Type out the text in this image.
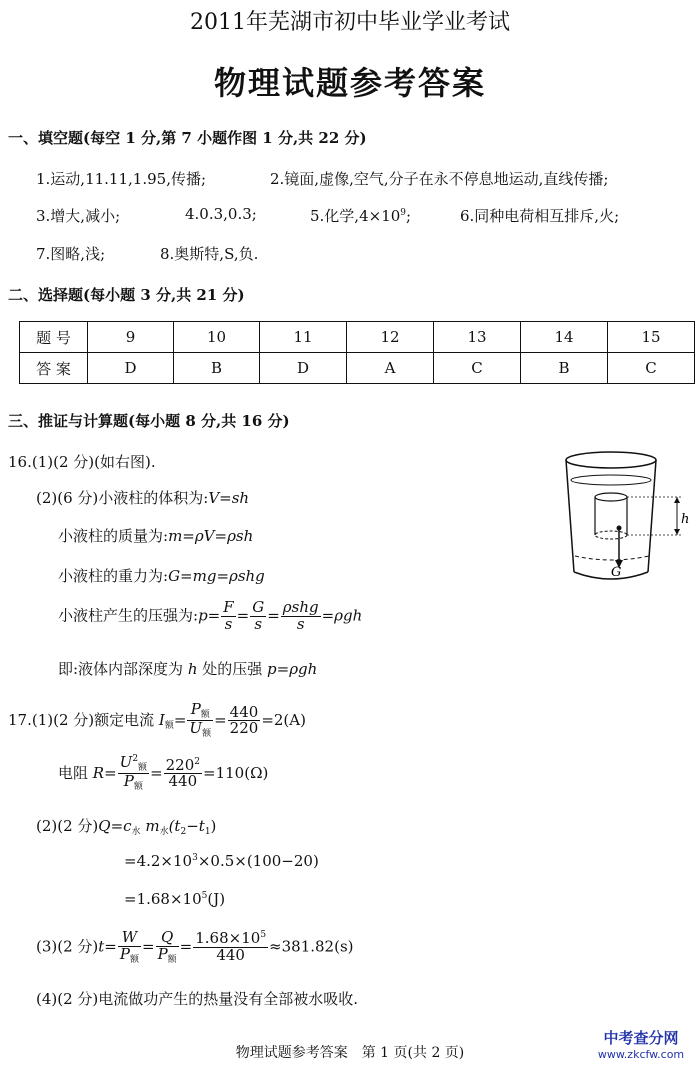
2011年芜湖市初中毕业学业考试
物理试题参考答案
一、填空题(每空 1 分,第 7 小题作图 1 分,共 22 分)
1.运动,11.11,1.95,传播;	2.镜面,虚像,空气,分子在永不停息地运动,直线传播;
3.增大,减小;	4.0.3,0.3;	5.化学$,4\times 10^9$;	6.同种电荷相互排斥,火;
7.图略,浅;	8.奥斯特,S,负.
二、选择题(每小题 3 分,共 21 分)
题 号	9	10	11	12	13	14	15
答 案	D	B	D	A	C	B	C
三、推证与计算题(每小题 8 分,共 16 分)
16.(1)(2 分)(如右图).
(2)(6 分)小液柱的体积为:V=sh
小液柱的质量为:m=ρV=ρsh
小液柱的重力为:G=mg=ρshg
小液柱产生的压强为:p= $\frac{F}{s} = \frac{G}{s} = \frac{\text{ρshg}}{s} =\rho gh$
即:液体内部深度为 h 处的压强 p=ρgh
h
G
17.(1)(2 分)额定电流 $I_额= \frac{P_额}{U_额} = \frac{440}{220} =2(A)$
电阻 $R= \frac{U^2_额}{P_额} = \frac{220^2}{440} =110(\Omega)$
(2)(2 分)$Q=c_水$ $m_水(t_2-t_1)$
$=4.2\times 10^3\times 0.5\times(100-20)$
$=1.68\times 10^5(J)$
(3)(2 分)$t= \frac{W}{P_额} = \frac{Q}{P_额} = \frac{1.68\times 10^5}{440} \approx 381.82(s)$
(4)(2 分)电流做功产生的热量没有全部被水吸收.
物理试题参考答案　第 1 页(共 2 页)
中考查分网
www.zkcfw.com
